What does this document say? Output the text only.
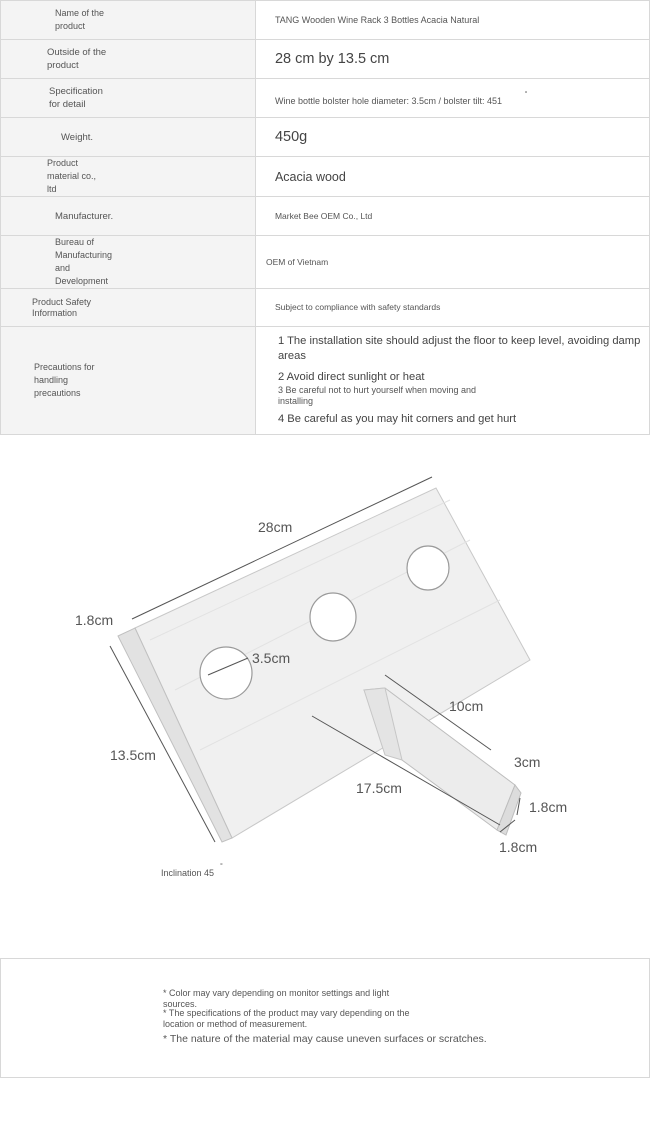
Name of the product	TANG Wooden Wine Rack 3 Bottles Acacia Natural

Outside of the product	28 cm by 13.5 cm

Specification for detail	Wine bottle bolster hole diameter: 3.5cm / bolster tilt: 451 °

Weight.	450g

Product material co., ltd	Acacia wood

Manufacturer.	Market Bee OEM Co., Ltd

Bureau of Manufacturing and Development	OEM of Vietnam

Product Safety Information	Subject to compliance with safety standards

Precautions for handling precautions	1 The installation site should adjust the floor to keep level, avoiding damp areas
2 Avoid direct sunlight or heat
3 Be careful not to hurt yourself when moving and installing
4 Be careful as you may hit corners and get hurt
28cm
1.8cm
3.5cm
13.5cm
10cm
3cm
1.8cm
17.5cm
1.8cm
Inclination 45
°
* Color may vary depending on monitor settings and light sources.
* The specifications of the product may vary depending on the location or method of measurement.
* The nature of the material may cause uneven surfaces or scratches.
